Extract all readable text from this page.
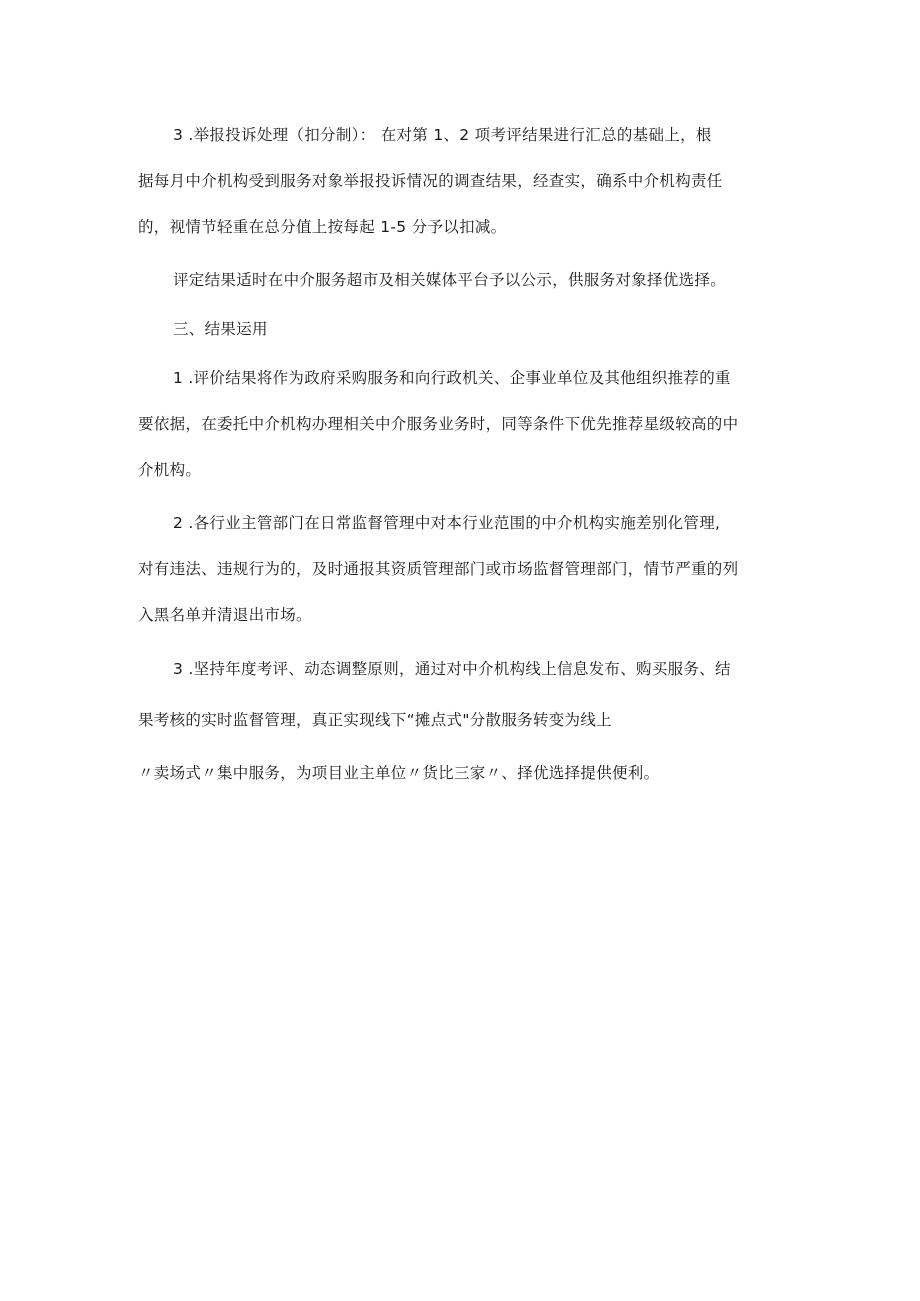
3 .举报投诉处理（扣分制）： 在对第 1、2 项考评结果进行汇总的基础上，根
据每月中介机构受到服务对象举报投诉情况的调查结果，经查实，确系中介机构责任
的，视情节轻重在总分值上按每起 1-5 分予以扣减。
评定结果适时在中介服务超市及相关媒体平台予以公示，供服务对象择优选择。
三、结果运用
1 .评价结果将作为政府采购服务和向行政机关、企事业单位及其他组织推荐的重
要依据，在委托中介机构办理相关中介服务业务时，同等条件下优先推荐星级较高的中
介机构。
2 .各行业主管部门在日常监督管理中对本行业范围的中介机构实施差别化管理,
对有违法、违规行为的，及时通报其资质管理部门或市场监督管理部门，情节严重的列
入黑名单并清退出市场。
3 .坚持年度考评、动态调整原则，通过对中介机构线上信息发布、购买服务、结
果考核的实时监督管理，真正实现线下“摊点式"分散服务转变为线上
〃卖场式〃集中服务，为项目业主单位〃货比三家〃、择优选择提供便利。
